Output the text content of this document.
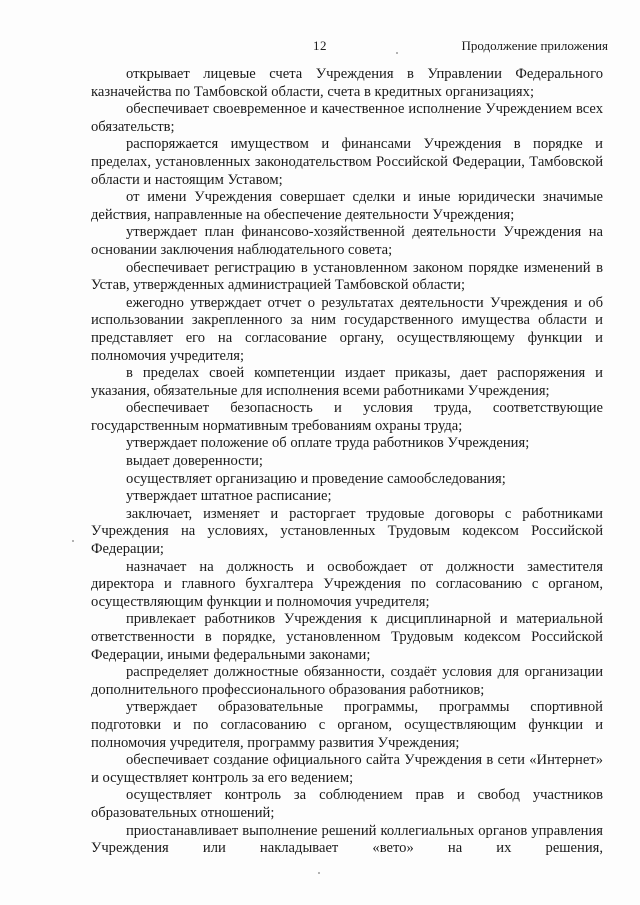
12	Продолжение приложения

открывает лицевые счета Учреждения в Управлении Федерального казначейства по Тамбовской области, счета в кредитных организациях;

обеспечивает своевременное и качественное исполнение Учреждением всех обязательств;

распоряжается имуществом и финансами Учреждения в порядке и пределах, установленных законодательством Российской Федерации, Тамбовской области и настоящим Уставом;

от имени Учреждения совершает сделки и иные юридически значимые действия, направленные на обеспечение деятельности Учреждения;

утверждает план финансово-хозяйственной деятельности Учреждения на основании заключения наблюдательного совета;

обеспечивает регистрацию в установленном законом порядке изменений в Устав, утвержденных администрацией Тамбовской области;

ежегодно утверждает отчет о результатах деятельности Учреждения и об использовании закрепленного за ним государственного имущества области и представляет его на согласование органу, осуществляющему функции и полномочия учредителя;

в пределах своей компетенции издает приказы, дает распоряжения и указания, обязательные для исполнения всеми работниками Учреждения;

обеспечивает безопасность и условия труда, соответствующие государственным нормативным требованиям охраны труда;

утверждает положение об оплате труда работников Учреждения;

выдает доверенности;

осуществляет организацию и проведение самообследования;

утверждает штатное расписание;

заключает, изменяет и расторгает трудовые договоры с работниками Учреждения на условиях, установленных Трудовым кодексом Российской Федерации;

назначает на должность и освобождает от должности заместителя директора и главного бухгалтера Учреждения по согласованию с органом, осуществляющим функции и полномочия учредителя;

привлекает работников Учреждения к дисциплинарной и материальной ответственности в порядке, установленном Трудовым кодексом Российской Федерации, иными федеральными законами;

распределяет должностные обязанности, создаёт условия для организации дополнительного профессионального образования работников;

утверждает образовательные программы, программы спортивной подготовки и по согласованию с органом, осуществляющим функции и полномочия учредителя, программу развития Учреждения;

обеспечивает создание официального сайта Учреждения в сети «Интернет» и осуществляет контроль за его ведением;

осуществляет контроль за соблюдением прав и свобод участников образовательных отношений;

приостанавливает выполнение решений коллегиальных органов управления Учреждения или накладывает «вето» на их решения,
